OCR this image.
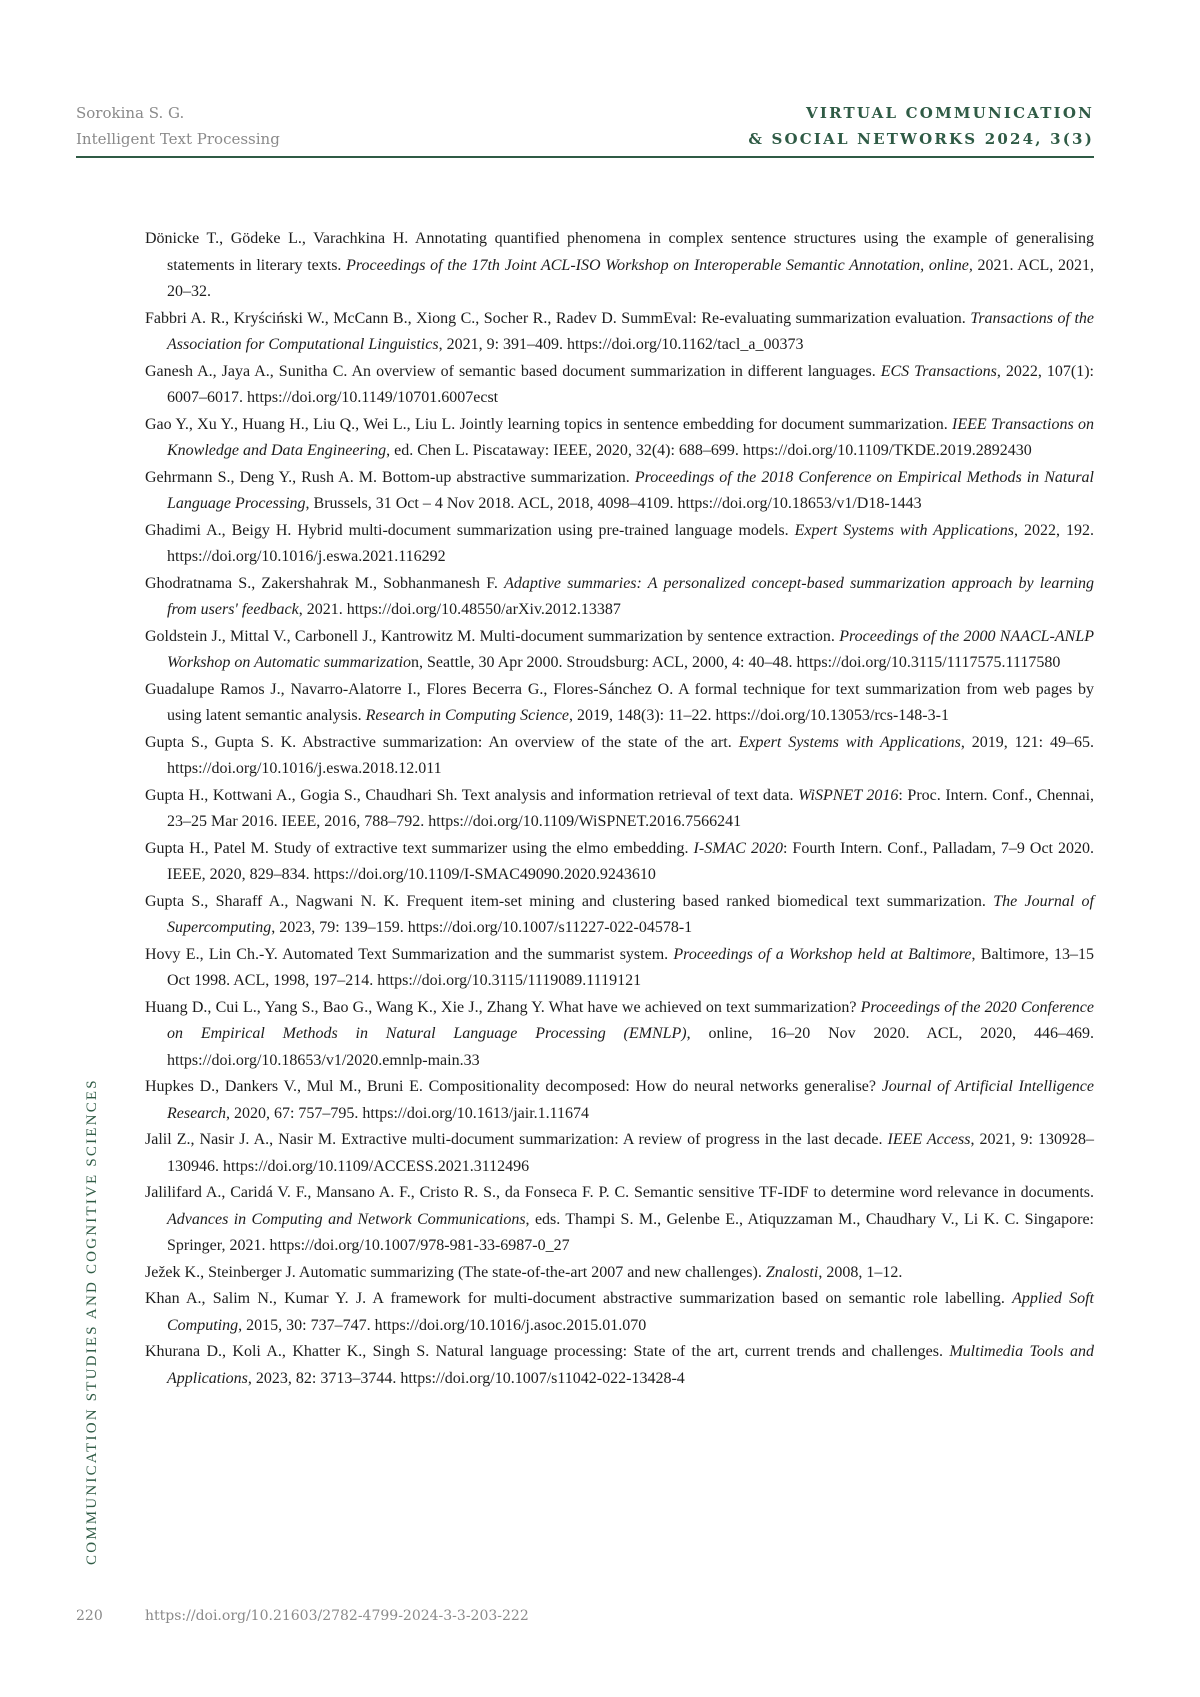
Sorokina S. G.
Intelligent Text Processing
VIRTUAL COMMUNICATION
& SOCIAL NETWORKS 2024, 3(3)
COMMUNICATION STUDIES AND COGNITIVE SCIENCES
Dönicke T., Gödeke L., Varachkina H. Annotating quantified phenomena in complex sentence structures using the example of generalising statements in literary texts. Proceedings of the 17th Joint ACL-ISO Workshop on Interoperable Semantic Annotation, online, 2021. ACL, 2021, 20–32.
Fabbri A. R., Kryściński W., McCann B., Xiong C., Socher R., Radev D. SummEval: Re-evaluating summarization evaluation. Transactions of the Association for Computational Linguistics, 2021, 9: 391–409. https://doi.org/10.1162/tacl_a_00373
Ganesh A., Jaya A., Sunitha C. An overview of semantic based document summarization in different languages. ECS Transactions, 2022, 107(1): 6007–6017. https://doi.org/10.1149/10701.6007ecst
Gao Y., Xu Y., Huang H., Liu Q., Wei L., Liu L. Jointly learning topics in sentence embedding for document summarization. IEEE Transactions on Knowledge and Data Engineering, ed. Chen L. Piscataway: IEEE, 2020, 32(4): 688–699. https://doi.org/10.1109/TKDE.2019.2892430
Gehrmann S., Deng Y., Rush A. M. Bottom-up abstractive summarization. Proceedings of the 2018 Conference on Empirical Methods in Natural Language Processing, Brussels, 31 Oct – 4 Nov 2018. ACL, 2018, 4098–4109. https://doi.org/10.18653/v1/D18-1443
Ghadimi A., Beigy H. Hybrid multi-document summarization using pre-trained language models. Expert Systems with Applications, 2022, 192. https://doi.org/10.1016/j.eswa.2021.116292
Ghodratnama S., Zakershahrak M., Sobhanmanesh F. Adaptive summaries: A personalized concept-based summarization approach by learning from users' feedback, 2021. https://doi.org/10.48550/arXiv.2012.13387
Goldstein J., Mittal V., Carbonell J., Kantrowitz M. Multi-document summarization by sentence extraction. Proceedings of the 2000 NAACL-ANLP Workshop on Automatic summarization, Seattle, 30 Apr 2000. Stroudsburg: ACL, 2000, 4: 40–48. https://doi.org/10.3115/1117575.1117580
Guadalupe Ramos J., Navarro-Alatorre I., Flores Becerra G., Flores-Sánchez O. A formal technique for text summarization from web pages by using latent semantic analysis. Research in Computing Science, 2019, 148(3): 11–22. https://doi.org/10.13053/rcs-148-3-1
Gupta S., Gupta S. K. Abstractive summarization: An overview of the state of the art. Expert Systems with Applications, 2019, 121: 49–65. https://doi.org/10.1016/j.eswa.2018.12.011
Gupta H., Kottwani A., Gogia S., Chaudhari Sh. Text analysis and information retrieval of text data. WiSPNET 2016: Proc. Intern. Conf., Chennai, 23–25 Mar 2016. IEEE, 2016, 788–792. https://doi.org/10.1109/WiSPNET.2016.7566241
Gupta H., Patel M. Study of extractive text summarizer using the elmo embedding. I-SMAC 2020: Fourth Intern. Conf., Palladam, 7–9 Oct 2020. IEEE, 2020, 829–834. https://doi.org/10.1109/I-SMAC49090.2020.9243610
Gupta S., Sharaff A., Nagwani N. K. Frequent item-set mining and clustering based ranked biomedical text summarization. The Journal of Supercomputing, 2023, 79: 139–159. https://doi.org/10.1007/s11227-022-04578-1
Hovy E., Lin Ch.-Y. Automated Text Summarization and the summarist system. Proceedings of a Workshop held at Baltimore, Baltimore, 13–15 Oct 1998. ACL, 1998, 197–214. https://doi.org/10.3115/1119089.1119121
Huang D., Cui L., Yang S., Bao G., Wang K., Xie J., Zhang Y. What have we achieved on text summarization? Proceedings of the 2020 Conference on Empirical Methods in Natural Language Processing (EMNLP), online, 16–20 Nov 2020. ACL, 2020, 446–469. https://doi.org/10.18653/v1/2020.emnlp-main.33
Hupkes D., Dankers V., Mul M., Bruni E. Compositionality decomposed: How do neural networks generalise? Journal of Artificial Intelligence Research, 2020, 67: 757–795. https://doi.org/10.1613/jair.1.11674
Jalil Z., Nasir J. A., Nasir M. Extractive multi-document summarization: A review of progress in the last decade. IEEE Access, 2021, 9: 130928–130946. https://doi.org/10.1109/ACCESS.2021.3112496
Jalilifard A., Caridá V. F., Mansano A. F., Cristo R. S., da Fonseca F. P. C. Semantic sensitive TF-IDF to determine word relevance in documents. Advances in Computing and Network Communications, eds. Thampi S. M., Gelenbe E., Atiquzzaman M., Chaudhary V., Li K. C. Singapore: Springer, 2021. https://doi.org/10.1007/978-981-33-6987-0_27
Ježek K., Steinberger J. Automatic summarizing (The state-of-the-art 2007 and new challenges). Znalosti, 2008, 1–12.
Khan A., Salim N., Kumar Y. J. A framework for multi-document abstractive summarization based on semantic role labelling. Applied Soft Computing, 2015, 30: 737–747. https://doi.org/10.1016/j.asoc.2015.01.070
Khurana D., Koli A., Khatter K., Singh S. Natural language processing: State of the art, current trends and challenges. Multimedia Tools and Applications, 2023, 82: 3713–3744. https://doi.org/10.1007/s11042-022-13428-4
220	https://doi.org/10.21603/2782-4799-2024-3-3-203-222
